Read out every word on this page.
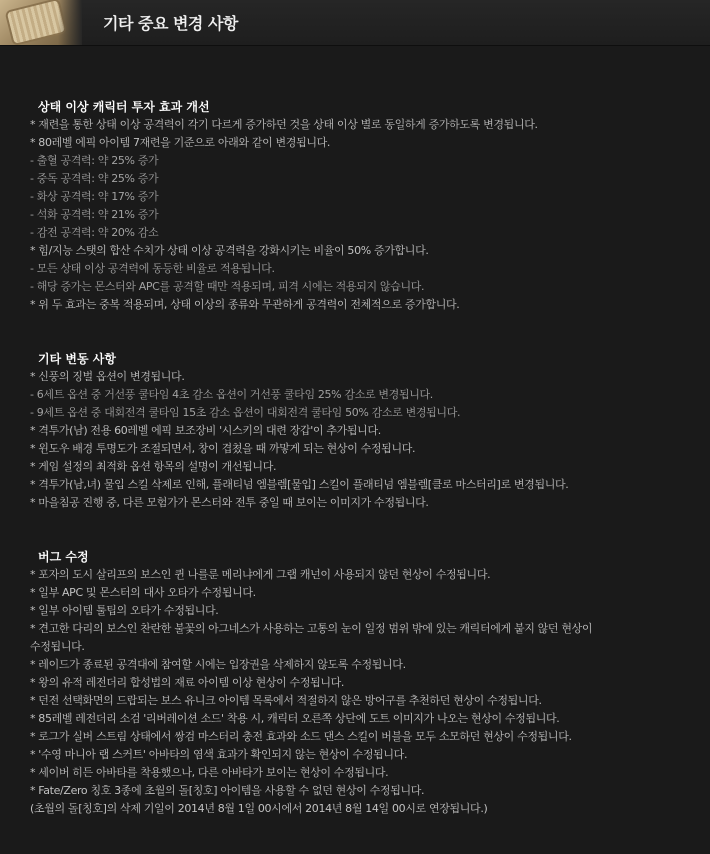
기타 중요 변경 사항
상태 이상 캐릭터 투자 효과 개선
* 재련을 통한 상태 이상 공격력이 각기 다르게 증가하던 것을 상태 이상 별로 동일하게 증가하도록 변경됩니다.
* 80레벨 에픽 아이템 7재련을 기준으로 아래와 같이 변경됩니다.
- 출혈 공격력: 약 25% 증가
- 중독 공격력: 약 25% 증가
- 화상 공격력: 약 17% 증가
- 석화 공격력: 약 21% 증가
- 감전 공격력: 약 20% 감소
* 힘/지능 스탯의 합산 수치가 상태 이상 공격력을 강화시키는 비율이 50% 증가합니다.
- 모든 상태 이상 공격력에 동등한 비율로 적용됩니다.
- 해당 증가는 몬스터와 APC를 공격할 때만 적용되며, 피격 시에는 적용되지 않습니다.
* 위 두 효과는 중복 적용되며, 상태 이상의 종류와 무관하게 공격력이 전체적으로 증가합니다.
기타 변동 사항
* 신풍의 징벌 옵션이 변경됩니다.
- 6세트 옵션 중 거선풍 쿨타임 4초 감소 옵션이 거선풍 쿨타임 25% 감소로 변경됩니다.
- 9세트 옵션 중 대회전격 쿨타임 15초 감소 옵션이 대회전격 쿨타임 50% 감소로 변경됩니다.
* 격투가(남) 전용 60레벨 에픽 보조장비 '시스키의 대련 장갑'이 추가됩니다.
* 윈도우 배경 투명도가 조절되면서, 창이 겹쳤을 때 까맣게 되는 현상이 수정됩니다.
* 게임 설정의 최적화 옵션 항목의 설명이 개선됩니다.
* 격투가(남,녀) 물입 스킬 삭제로 인해, 플래티넘 엠블렘[물입] 스킬이 플래티넘 엠블렘[클로 마스터리]로 변경됩니다.
* 마을침공 진행 중, 다른 모험가가 몬스터와 전투 중일 때 보이는 이미지가 수정됩니다.
버그 수정
* 포자의 도시 살리프의 보스인 퀸 나를룬 메리냐에게 그랩 캐넌이 사용되지 않던 현상이 수정됩니다.
* 일부 APC 및 몬스터의 대사 오타가 수정됩니다.
* 일부 아이템 툴팁의 오타가 수정됩니다.
* 견고한 다리의 보스인 찬란한 불꽃의 아그네스가 사용하는 고통의 눈이 일정 범위 밖에 있는 캐릭터에게 붙지 않던 현상이
수정됩니다.
* 레이드가 종료된 공격대에 참여할 시에는 입장권을 삭제하지 않도록 수정됩니다.
* 왕의 유적 레전더리 합성법의 재료 아이템 이상 현상이 수정됩니다.
* 던전 선택화면의 드랍되는 보스 유니크 아이템 목록에서 적절하지 않은 방어구를 추천하던 현상이 수정됩니다.
* 85레벨 레전더리 소검 '리버레이션 소드' 착용 시, 캐릭터 오른쪽 상단에 도트 이미지가 나오는 현상이 수정됩니다.
* 로그가 실버 스트림 상태에서 쌍검 마스터리 충전 효과와 소드 댄스 스킬이 버블을 모두 소모하던 현상이 수정됩니다.
* '수영 마니아 랩 스커트' 아바타의 염색 효과가 확인되지 않는 현상이 수정됩니다.
* 세이버 히든 아바타를 착용했으나, 다른 아바타가 보이는 현상이 수정됩니다.
* Fate/Zero 칭호 3종에 초월의 돌[칭호] 아이템을 사용할 수 없던 현상이 수정됩니다.
(초월의 돌[칭호]의 삭제 기일이 2014년 8월 1일 00시에서 2014년 8월 14일 00시로 연장됩니다.)
